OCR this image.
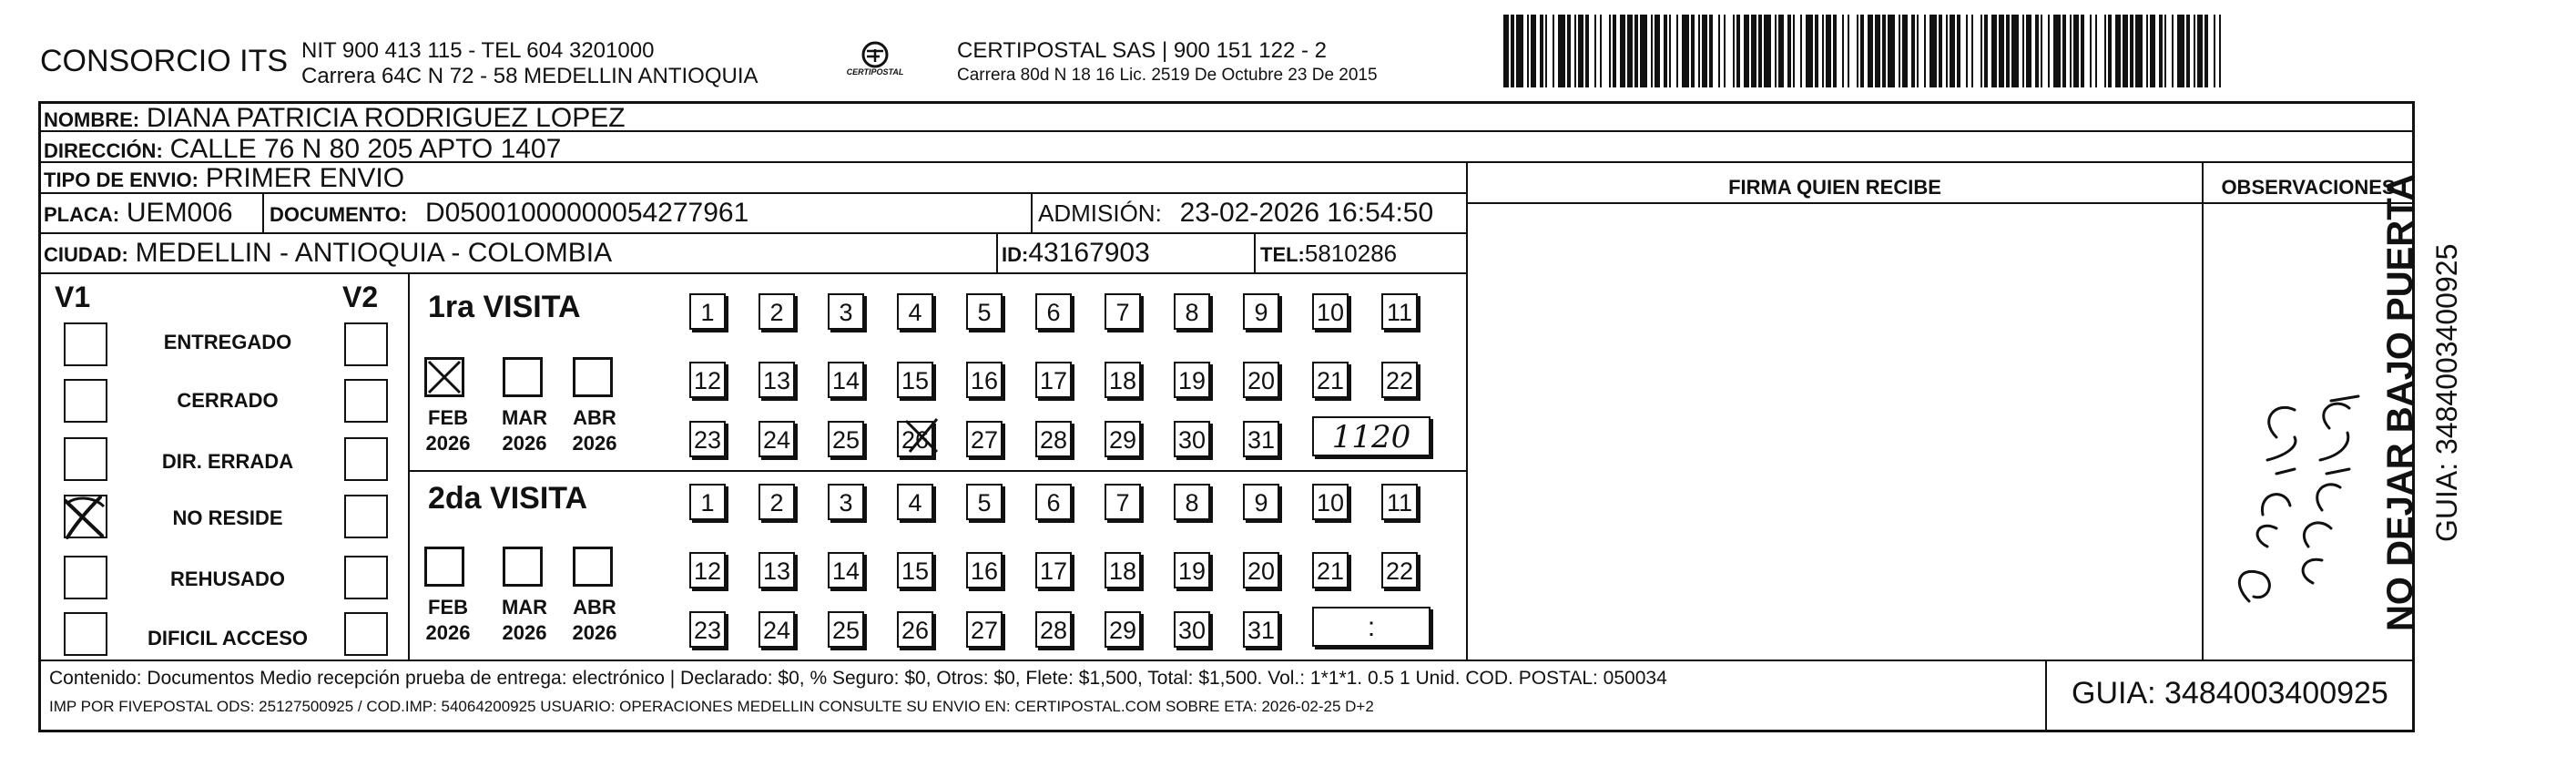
CONSORCIO ITS NIT 900 413 115 - TEL 604 3201000
Carrera 64C N 72 - 58 MEDELLIN ANTIOQUIA	CERTIPOSTAL
CERTIPOSTAL SAS | 900 151 122 - 2
Carrera 80d N 18 16 Lic. 2519 De Octubre 23 De 2015
NOMBRE: DIANA PATRICIA RODRIGUEZ LOPEZ
DIRECCIÓN: CALLE 76 N 80 205 APTO 1407
TIPO DE ENVIO: PRIMER ENVIO
PLACA: UEM006 DOCUMENTO: D05001000000054277961	ADMISIÓN: 23-02-2026 16:54:50
CIUDAD: MEDELLIN - ANTIOQUIA - COLOMBIA	ID:43167903	TEL:5810286
FIRMA QUIEN RECIBE	OBSERVACIONES
V1	V2
ENTREGADO
CERRADO
DIR. ERRADA
NO RESIDE
REHUSADO
DIFICIL ACCESO
1ra VISITA
FEB	MAR ABR
2026 2026 2026
1	2	3	4	5	6	7	8	9	10 11
12 13 14 15 16 17 18 19 20 21 22
23 24 25 26 27 28 29 30 31	1120
2da VISITA
FEB	MAR ABR
2026 2026 2026
1	2	3	4	5	6	7	8	9	10 11
12 13 14 15 16 17 18 19 20 21 22
23 24 25 26 27 28 29 30 31	:	NO DEJAR BAJO PUERTA GUIA: 3484003400925
Contenido: Documentos Medio recepción prueba de entrega: electrónico | Declarado: $0, % Seguro: $0, Otros: $0, Flete: $1,500, Total: $1,500. Vol.: 1*1*1. 0.5 1 Unid. COD. POSTAL: 050034
IMP POR FIVEPOSTAL ODS: 25127500925 / COD.IMP: 54064200925 USUARIO: OPERACIONES MEDELLIN CONSULTE SU ENVIO EN: CERTIPOSTAL.COM SOBRE ETA: 2026-02-25 D+2	GUIA: 3484003400925
